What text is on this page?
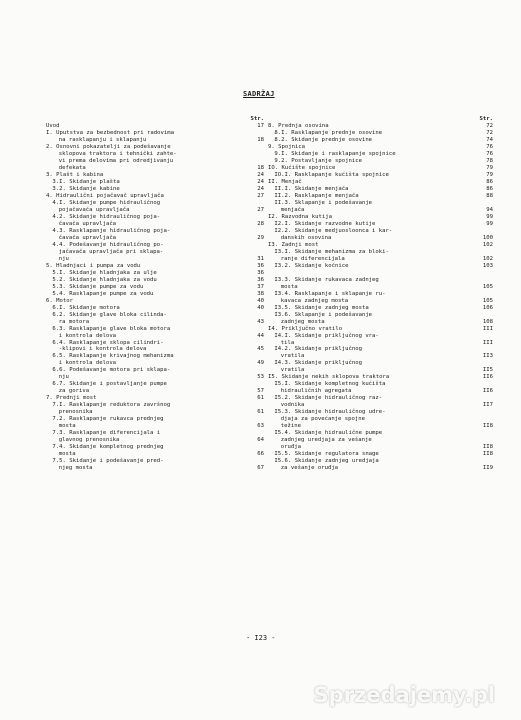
SADRŽAJ
Str.
Uvod	17
I. Uputstva za bezbednost pri radovima
na rasklapanju i sklapanju	18
2. Osnovni pokazatelji za podešavanje
sklopova traktora i tehnički zahte-
vi prema delovima pri odredjivanju
defekata	18
3. Plašt i kabina	24
3.I. Skidanje plašta	24
3.2. Skidanje kabine	24
4. Hidraulični pojačavač upravljača	27
4.I. Skidanje pumpe hidrauličnog
pojačavača upravljača	27
4.2. Skidanje hidrauličnog poja-
čavača upravljača	28
4.3. Rasklapanje hidrauličnog poja-
čavača upravljača	29
4.4. Podešavanje hidrauličnog po-
jačavača upravljača pri sklapa-
nju	31
5. Hladnjaci i pumpa za vodu	36
5.I. Skidanje hladnjaka za ulje	36
5.2. Skidanje hladnjaka za vodu	36
5.3. Skidanje pumpe za vodu	37
5.4. Rasklapanje pumpe za vodu	38
6. Motor	40
6.I. Skidanje motora	40
6.2. Skidanje glave bloka cilinda-
ra motora	43
6.3. Rasklapanje glave bloka motora
i kontrola delova	44
6.4. Rasklapanje sklopa cilindri-
-klipovi i kontrola delova	45
6.5. Rasklapanje krivajnog mehanizma
i kontrola delova	49
6.6. Podešavanje motora pri sklapa-
nju	53
6.7. Skidanje i postavljanje pumpe
za goriva	57
7. Prednji most	61
7.I. Rasklapanje reduktora završnog
prenosnika	61
7.2. Rasklapanje rukavca prednjeg
mosta	63
7.3. Rasklapanje diferencijala i
glavnog prenosnika	64
7.4. Skidanje kompletnog prednjeg
mosta	66
7.5. Skidanje i podešavanje pred-
njeg mosta	67
Str.
8. Prednja osovina	72
8.I. Rasklapanje prednje osovine	72
8.2. Skidanje prednje osovine	74
9. Spojnica	76
9.I. Skidanje i rasklapanje spojnice	76
9.2. Postavljanje spojnice	78
IO. Kućište spojnice	79
IO.I. Rasklapanje kućišta spojnice	79
II. Menjač	86
II.I. Skidanje menjača	86
II.2. Rasklapanje menjača	88
II.3. Sklapanje i podešavanje
menjača	94
I2. Razvodna kutija	99
I2.I. Skidanje razvodne kutije	99
I2.2. Skidanje medjuosloonca i kar-
danskih osovina	100
I3. Zadnji most	102
I3.I. Skidanje mehanizma za bloki-
ranje diferencijala	102
I3.2. Skidanje kočnice	103
I3.3. Skidanje rukavaca zadnjeg
mosta	105
I3.4. Rasklapanje i sklapanje ru-
kavaca zadnjeg mosta	105
I3.5. Skidanje zadnjeg mosta	106
I3.6. Sklapanje i podešavanje
zadnjeg mosta	108
I4. Priključno vratilo	III
I4.I. Skidanje priključnog vra-
tila	III
I4.2. Skidanje priključnog
vratila	II3
I4.3. Skidanje priključnog
vratila	II5
I5. Skidanje nekih sklopova traktora	II6
I5.I. Skidanje kompletnog kućišta
hidrauličnih agregata	II6
I5.2. Skidanje hidrauličnog raz-
vodnika	II7
I5.3. Skidanje hidrauličnog udre-
djaja za povećanje spojne
težine	II8
I5.4. Skidanje hidraulične pumpe
zadnjeg uredjaja za vešanje
oruđja	II8
I5.5. Skidanje regulatora snage	II8
I5.6. Skidanje zadnjeg uredjaja
za vešanje oruđja	II9
- I23 -
Sprzedajemy.pl
